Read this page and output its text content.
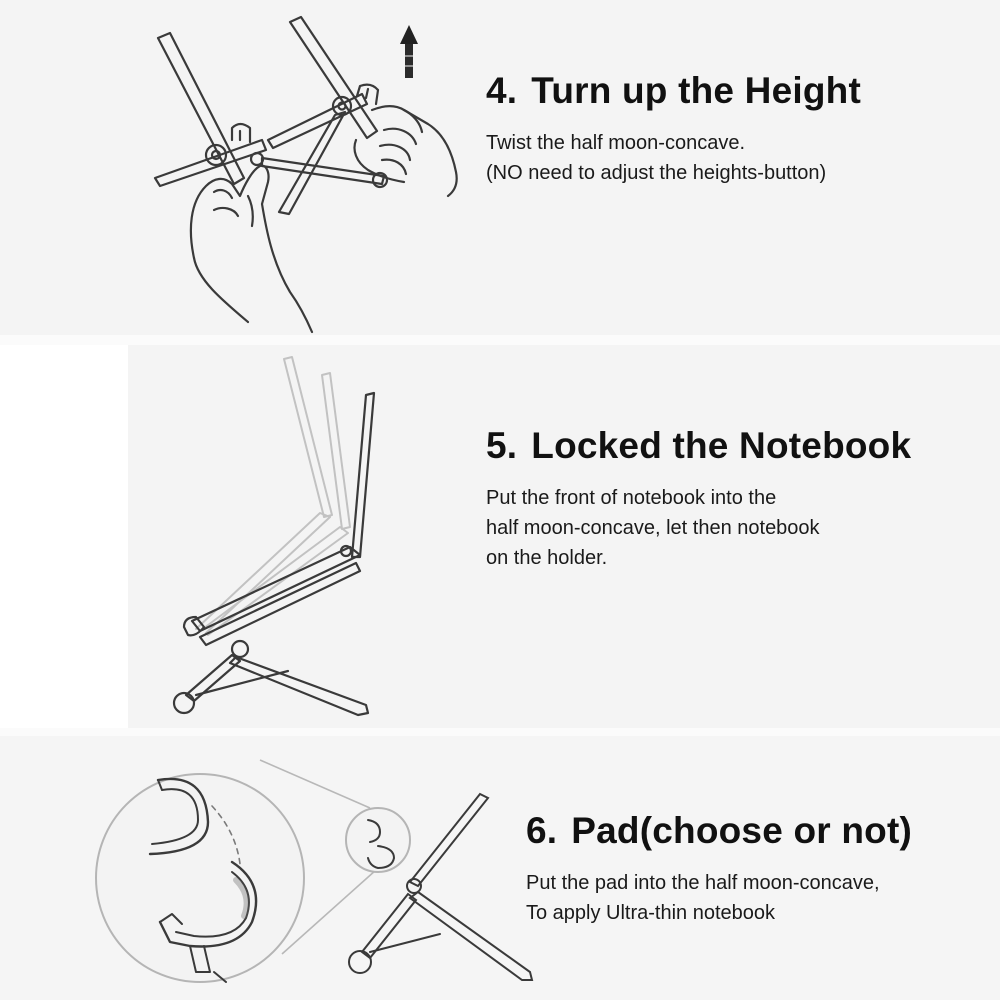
4. Turn up the Height

Twist the half moon-concave.
(NO need to adjust the heights-button)

5. Locked the Notebook

Put the front of notebook into the
half moon-concave, let then notebook
on the holder.

6. Pad(choose or not)

Put the pad into the half moon-concave,
To apply Ultra-thin notebook
